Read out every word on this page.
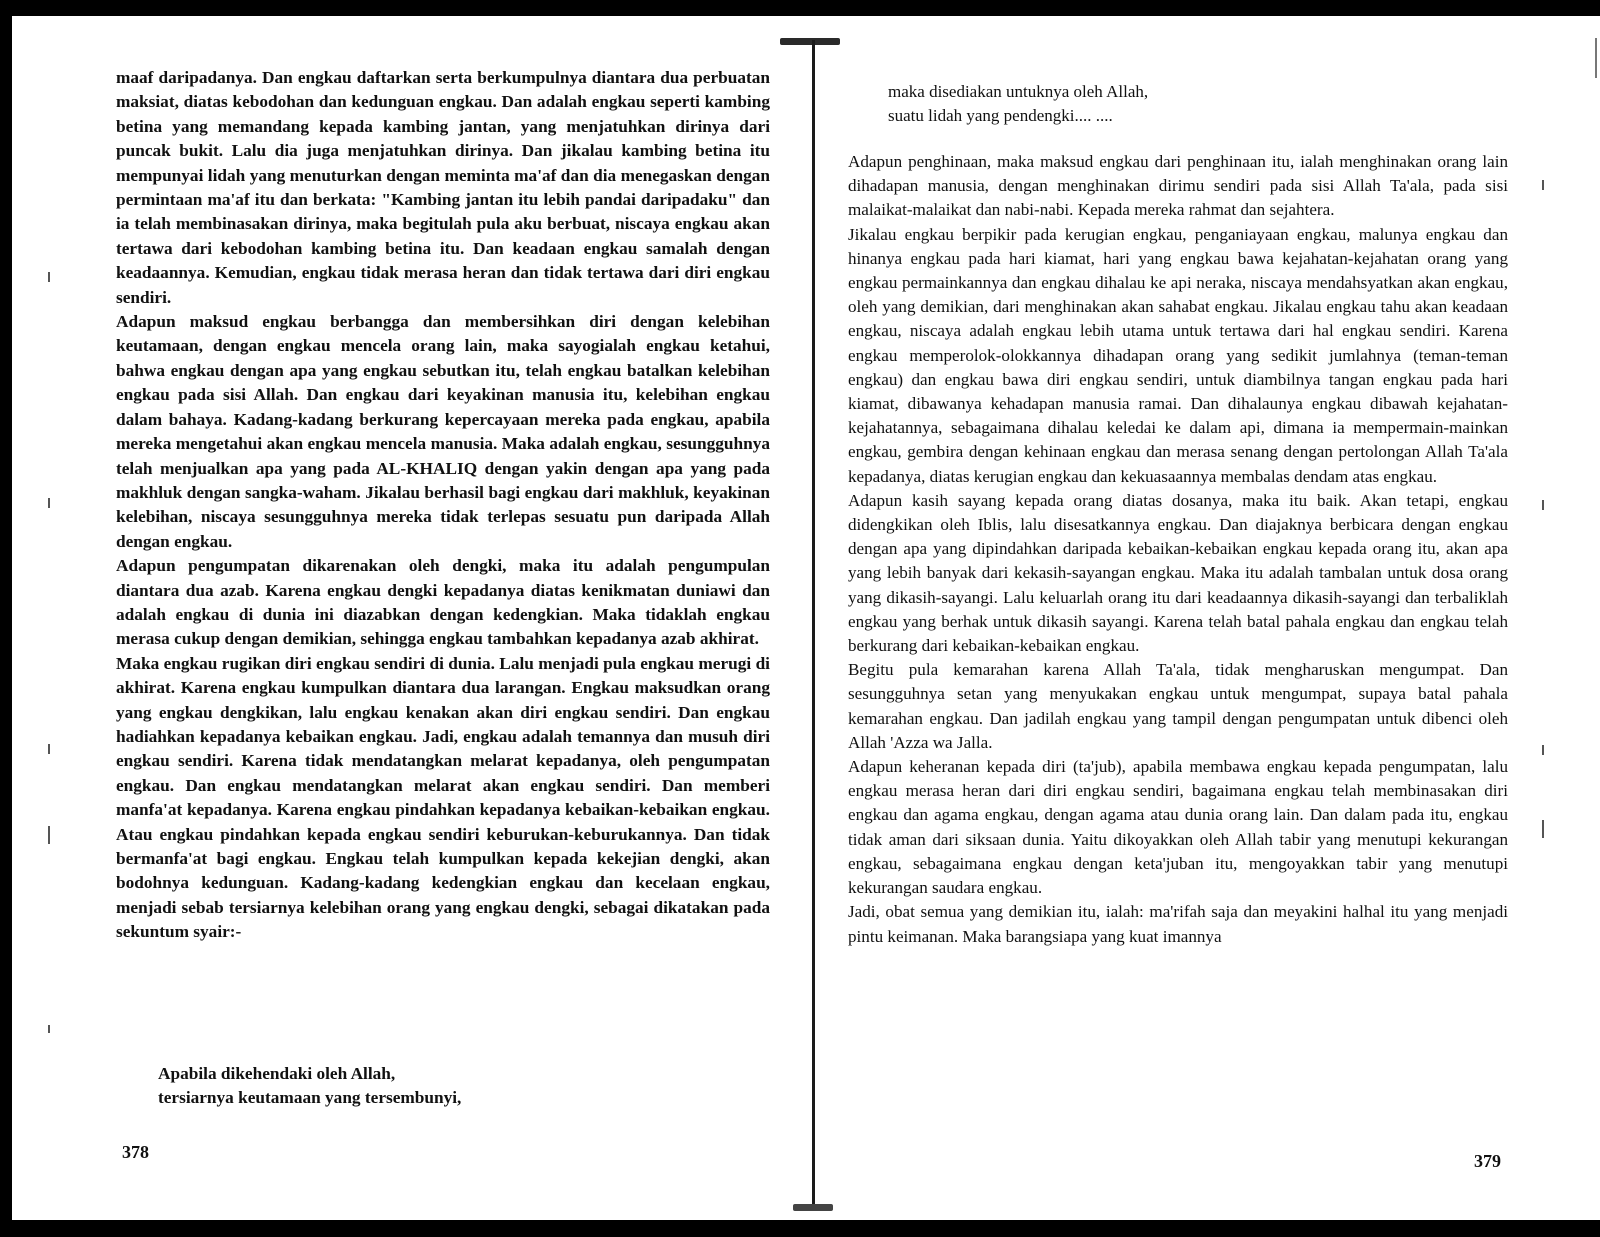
maaf daripadanya. Dan engkau daftarkan serta berkumpulnya diantara dua perbuatan maksiat, diatas kebodohan dan kedunguan engkau. Dan adalah engkau seperti kambing betina yang memandang kepada kambing jantan, yang menjatuhkan dirinya dari puncak bukit. Lalu dia juga menjatuhkan dirinya. Dan jikalau kambing betina itu mempunyai lidah yang menuturkan dengan meminta ma'af dan dia menegaskan dengan permintaan ma'af itu dan berkata: "Kambing jantan itu lebih pandai daripadaku" dan ia telah membinasakan dirinya, maka begitulah pula aku berbuat, niscaya engkau akan tertawa dari kebodohan kambing betina itu. Dan keadaan engkau samalah dengan keadaannya. Kemudian, engkau tidak merasa heran dan tidak tertawa dari diri engkau sendiri.

Adapun maksud engkau berbangga dan membersihkan diri dengan kelebihan keutamaan, dengan engkau mencela orang lain, maka sayogialah engkau ketahui, bahwa engkau dengan apa yang engkau sebutkan itu, telah engkau batalkan kelebihan engkau pada sisi Allah. Dan engkau dari keyakinan manusia itu, kelebihan engkau dalam bahaya. Kadang-kadang berkurang kepercayaan mereka pada engkau, apabila mereka mengetahui akan engkau mencela manusia. Maka adalah engkau, sesungguhnya telah menjualkan apa yang pada AL-KHALIQ dengan yakin dengan apa yang pada makhluk dengan sangka-waham. Jikalau berhasil bagi engkau dari makhluk, keyakinan kelebihan, niscaya sesungguhnya mereka tidak terlepas sesuatu pun daripada Allah dengan engkau.

Adapun pengumpatan dikarenakan oleh dengki, maka itu adalah pengumpulan diantara dua azab. Karena engkau dengki kepadanya diatas kenikmatan duniawi dan adalah engkau di dunia ini diazabkan dengan kedengkian. Maka tidaklah engkau merasa cukup dengan demikian, sehingga engkau tambahkan kepadanya azab akhirat.

Maka engkau rugikan diri engkau sendiri di dunia. Lalu menjadi pula engkau merugi di akhirat. Karena engkau kumpulkan diantara dua larangan. Engkau maksudkan orang yang engkau dengkikan, lalu engkau kenakan akan diri engkau sendiri. Dan engkau hadiahkan kepadanya kebaikan engkau. Jadi, engkau adalah temannya dan musuh diri engkau sendiri. Karena tidak mendatangkan melarat kepadanya, oleh pengumpatan engkau. Dan engkau mendatangkan melarat akan engkau sendiri. Dan memberi manfa'at kepadanya. Karena engkau pindahkan kepadanya kebaikan-kebaikan engkau. Atau engkau pindahkan kepada engkau sendiri keburukan-keburukannya. Dan tidak bermanfa'at bagi engkau. Engkau telah kumpulkan kepada kekejian dengki, akan bodohnya kedunguan. Kadang-kadang kedengkian engkau dan kecelaan engkau, menjadi sebab tersiarnya kelebihan orang yang engkau dengki, sebagai dikatakan pada sekuntum syair:-

Apabila dikehendaki oleh Allah,
tersiarnya keutamaan yang tersembunyi,
378
maka disediakan untuknya oleh Allah,
suatu lidah yang pendengki.... ....

Adapun penghinaan, maka maksud engkau dari penghinaan itu, ialah menghinakan orang lain dihadapan manusia, dengan menghinakan dirimu sendiri pada sisi Allah Ta'ala, pada sisi malaikat-malaikat dan nabi-nabi. Kepada mereka rahmat dan sejahtera.

Jikalau engkau berpikir pada kerugian engkau, penganiayaan engkau, malunya engkau dan hinanya engkau pada hari kiamat, hari yang engkau bawa kejahatan-kejahatan orang yang engkau permainkannya dan engkau dihalau ke api neraka, niscaya mendahsyatkan akan engkau, oleh yang demikian, dari menghinakan akan sahabat engkau. Jikalau engkau tahu akan keadaan engkau, niscaya adalah engkau lebih utama untuk tertawa dari hal engkau sendiri. Karena engkau memperolok-olokkannya dihadapan orang yang sedikit jumlahnya (teman-teman engkau) dan engkau bawa diri engkau sendiri, untuk diambilnya tangan engkau pada hari kiamat, dibawanya kehadapan manusia ramai. Dan dihalaunya engkau dibawah kejahatan-kejahatannya, sebagaimana dihalau keledai ke dalam api, dimana ia mempermain-mainkan engkau, gembira dengan kehinaan engkau dan merasa senang dengan pertolongan Allah Ta'ala kepadanya, diatas kerugian engkau dan kekuasaannya membalas dendam atas engkau.

Adapun kasih sayang kepada orang diatas dosanya, maka itu baik. Akan tetapi, engkau didengkikan oleh Iblis, lalu disesatkannya engkau. Dan diajaknya berbicara dengan engkau dengan apa yang dipindahkan daripada kebaikan-kebaikan engkau kepada orang itu, akan apa yang lebih banyak dari kekasih-sayangan engkau. Maka itu adalah tambalan untuk dosa orang yang dikasih-sayangi. Lalu keluarlah orang itu dari keadaannya dikasih-sayangi dan terbaliklah engkau yang berhak untuk dikasih sayangi. Karena telah batal pahala engkau dan engkau telah berkurang dari kebaikan-kebaikan engkau.

Begitu pula kemarahan karena Allah Ta'ala, tidak mengharuskan mengumpat. Dan sesungguhnya setan yang menyukakan engkau untuk mengumpat, supaya batal pahala kemarahan engkau. Dan jadilah engkau yang tampil dengan pengumpatan untuk dibenci oleh Allah 'Azza wa Jalla.

Adapun keheranan kepada diri (ta'jub), apabila membawa engkau kepada pengumpatan, lalu engkau merasa heran dari diri engkau sendiri, bagaimana engkau telah membinasakan diri engkau dan agama engkau, dengan agama atau dunia orang lain. Dan dalam pada itu, engkau tidak aman dari siksaan dunia. Yaitu dikoyakkan oleh Allah tabir yang menutupi kekurangan engkau, sebagaimana engkau dengan keta'juban itu, mengoyakkan tabir yang menutupi kekurangan saudara engkau.

Jadi, obat semua yang demikian itu, ialah: ma'rifah saja dan meyakini halhal itu yang menjadi pintu keimanan. Maka barangsiapa yang kuat imannya

379
